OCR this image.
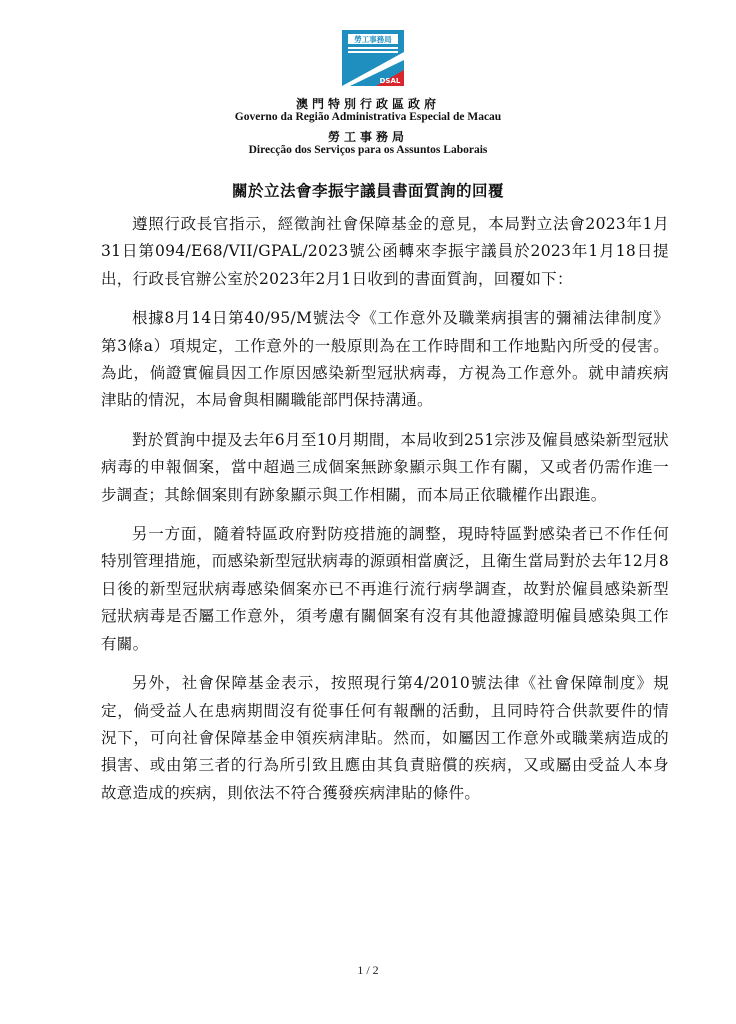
勞工事務局
DSAL
澳門特別行政區政府
Governo da Região Administrativa Especial de Macau
勞工事務局
Direcção dos Serviços para os Assuntos Laborais
關於立法會李振宇議員書面質詢的回覆

遵照行政長官指示，經徵詢社會保障基金的意見，本局對立法會2023年1月31日第094/E68/VII/GPAL/2023號公函轉來李振宇議員於2023年1月18日提出，行政長官辦公室於2023年2月1日收到的書面質詢，回覆如下：

根據8月14日第40/95/M號法令《工作意外及職業病損害的彌補法律制度》第3條a）項規定，工作意外的一般原則為在工作時間和工作地點內所受的侵害。為此，倘證實僱員因工作原因感染新型冠狀病毒，方視為工作意外。就申請疾病津貼的情況，本局會與相關職能部門保持溝通。

對於質詢中提及去年6月至10月期間，本局收到251宗涉及僱員感染新型冠狀病毒的申報個案，當中超過三成個案無跡象顯示與工作有關，又或者仍需作進一步調查；其餘個案則有跡象顯示與工作相關，而本局正依職權作出跟進。

另一方面，隨着特區政府對防疫措施的調整，現時特區對感染者已不作任何特別管理措施，而感染新型冠狀病毒的源頭相當廣泛，且衛生當局對於去年12月8日後的新型冠狀病毒感染個案亦已不再進行流行病學調查，故對於僱員感染新型冠狀病毒是否屬工作意外，須考慮有關個案有沒有其他證據證明僱員感染與工作有關。

另外，社會保障基金表示，按照現行第4/2010號法律《社會保障制度》規定，倘受益人在患病期間沒有從事任何有報酬的活動，且同時符合供款要件的情況下，可向社會保障基金申領疾病津貼。然而，如屬因工作意外或職業病造成的損害、或由第三者的行為所引致且應由其負責賠償的疾病，又或屬由受益人本身故意造成的疾病，則依法不符合獲發疾病津貼的條件。

1 / 2
